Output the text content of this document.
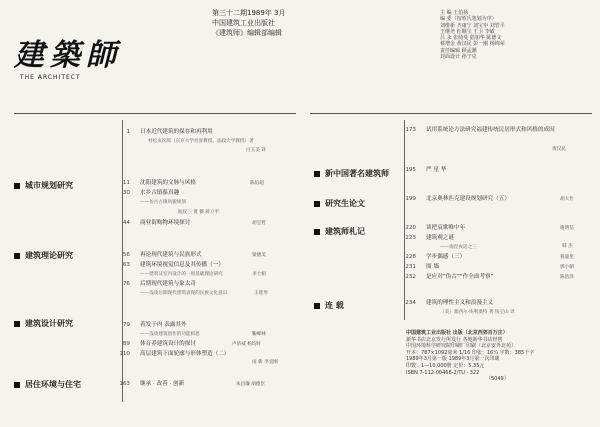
建築師
THE ARCHITECT
第三十二期1989年 3月
中国建筑工业出版社
《建筑师》编辑部编辑
主 编 王伯扬
编 委（按姓氏笔划为序）
刘维新 齐康宁 刘宝申 刘管平
王继尧 杜顺宝 王卫 李敏
吕 永 张绮曼 陆加华 陈德文
蔡增金 黄汉民 彭一刚 杨锦荣
责任编辑 顾孟潮
封面设计 孙子克
1 日本近代建筑的保存和再利用
村松贞次郎（东京大学名誉教授、法政大学教授）著
白玉美 译
城市规划研究	11 沈阳建筑的文脉与风格	陈伯超
30 水乡古镇葆真趣
——仿古古镇风貌规划
阮仪三 黄 薇 蒋立平
44 商业街购物环境探讨	胡宝哲
建筑理论研究	56 再论现代建筑与民族形式	梁德美
63 建筑环境视觉信息及其传播（一）
——建筑及室内设计的一项基础理论研究	李士娟
76 后期现代建筑与象太奇
——浅谈后期现代建筑表现的民族文化意识	王选琴
建筑设计研究	79 着发于内 表露其外
——浅谈建筑创作的功能构思	鞠峰林
89 体育养建筑设计的探讨	卢济威 杨均时
110 高层建筑下面轮廓与形体塑造（二）
雨 新 李宜刚
居住环境与住宅	163 继承 · 改善 · 创新	朱昌廉 胡德臣
173 试用系统论方法研究福建传统民居形式和风格的成因
黄汉民
新中国著名建筑师	195 严 星 华
研究生论文	199 北京奥林匹克建设规划研究（五）	胡大仕
建筑师札记	220 谈把哀歌唯中年	谢明信
223 建筑观之谜
——海涅夜话之三	韩 杰
228 学步偶感（三）	鲁迪里
231 围 墙	郭小朝
232 是应对“伪古”“作全面考察”	陈浩泽
连 载	234 建筑的理性主义和浪漫主义
（美）塞西尔·埃利奥特 著 钱宝山 译
中国建筑工业出版社 出版（北京西郊百万庄）
新华书店北京发行所发行 各地新华书店经售
中国环境科学研究院印刷厂印刷（北京安外北苑）
开本：787×1092毫米 1/16 印张：16¼ 字数：385千字
1989年3月第一版 1989年3月第一次印刷
印数：1—10,000册 定价：5.35元
ISBN 7-112-00468-2/TU · 322
（5049）
